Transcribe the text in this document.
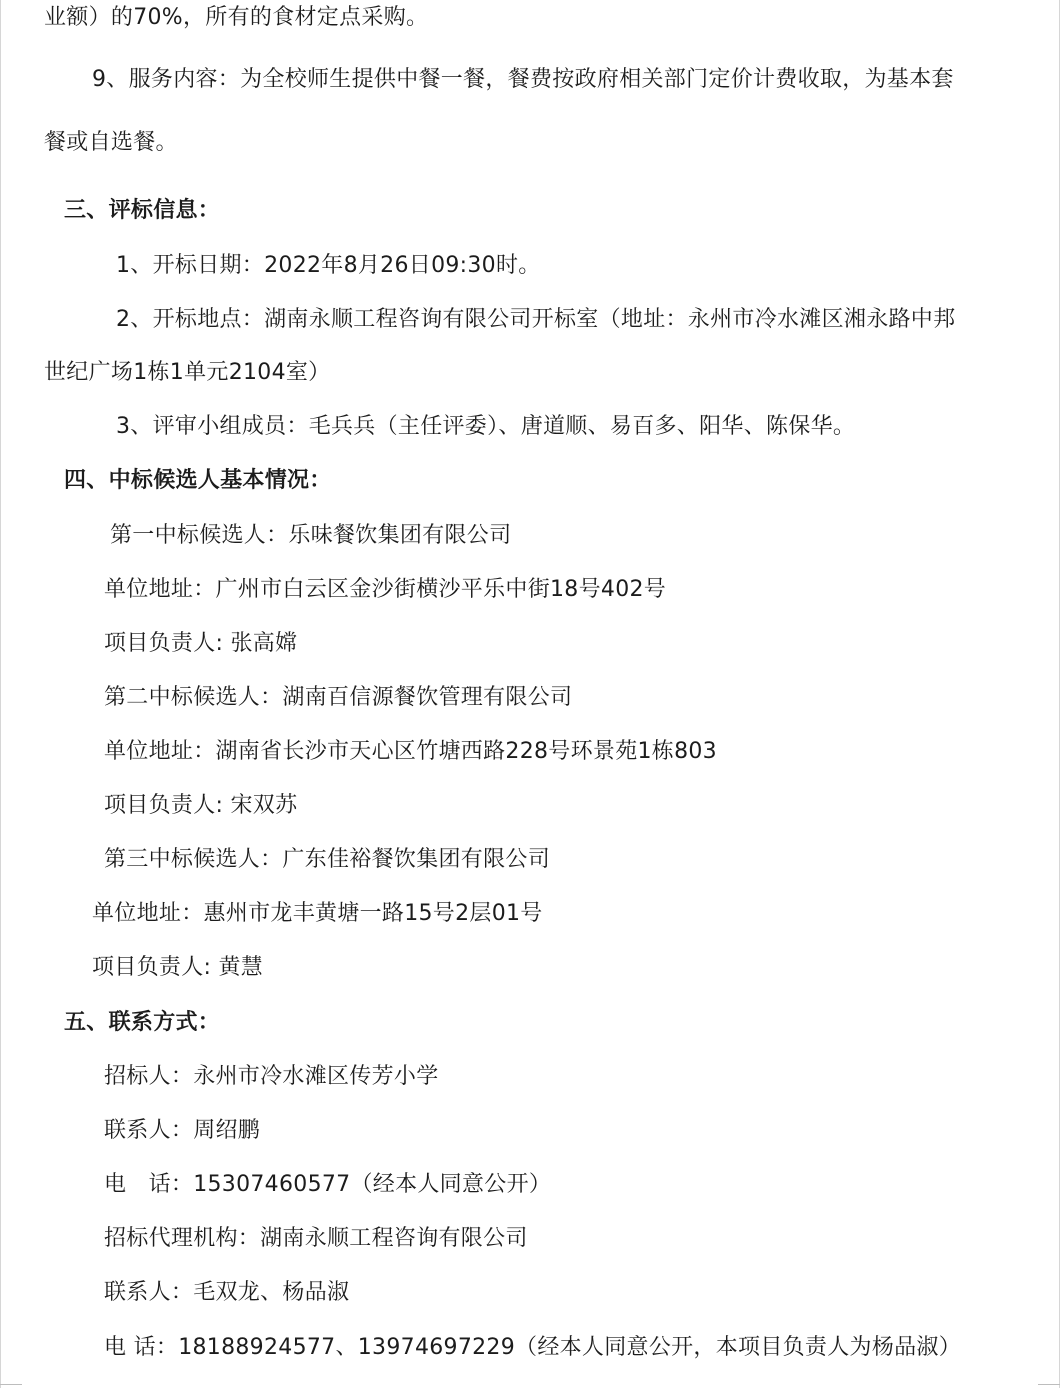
业额）的70%，所有的食材定点采购。
9、服务内容：为全校师生提供中餐一餐，餐费按政府相关部门定价计费收取，为基本套
餐或自选餐。
三、评标信息：
1、开标日期：2022年8月26日09:30时。
2、开标地点：湖南永顺工程咨询有限公司开标室（地址：永州市冷水滩区湘永路中邦
世纪广场1栋1单元2104室）
3、评审小组成员：毛兵兵（主任评委）、唐道顺、易百多、阳华、陈保华。
四、中标候选人基本情况：
第一中标候选人：乐味餐饮集团有限公司
单位地址：广州市白云区金沙街横沙平乐中街18号402号
项目负责人: 张高嫦
第二中标候选人：湖南百信源餐饮管理有限公司
单位地址：湖南省长沙市天心区竹塘西路228号环景苑1栋803
项目负责人: 宋双苏
第三中标候选人：广东佳裕餐饮集团有限公司
单位地址：惠州市龙丰黄塘一路15号2层01号
项目负责人: 黄慧
五、联系方式：
招标人：永州市冷水滩区传芳小学
联系人：周绍鹏
电　话：15307460577（经本人同意公开）
招标代理机构：湖南永顺工程咨询有限公司
联系人：毛双龙、杨品淑
电 话：18188924577、13974697229（经本人同意公开，本项目负责人为杨品淑）
